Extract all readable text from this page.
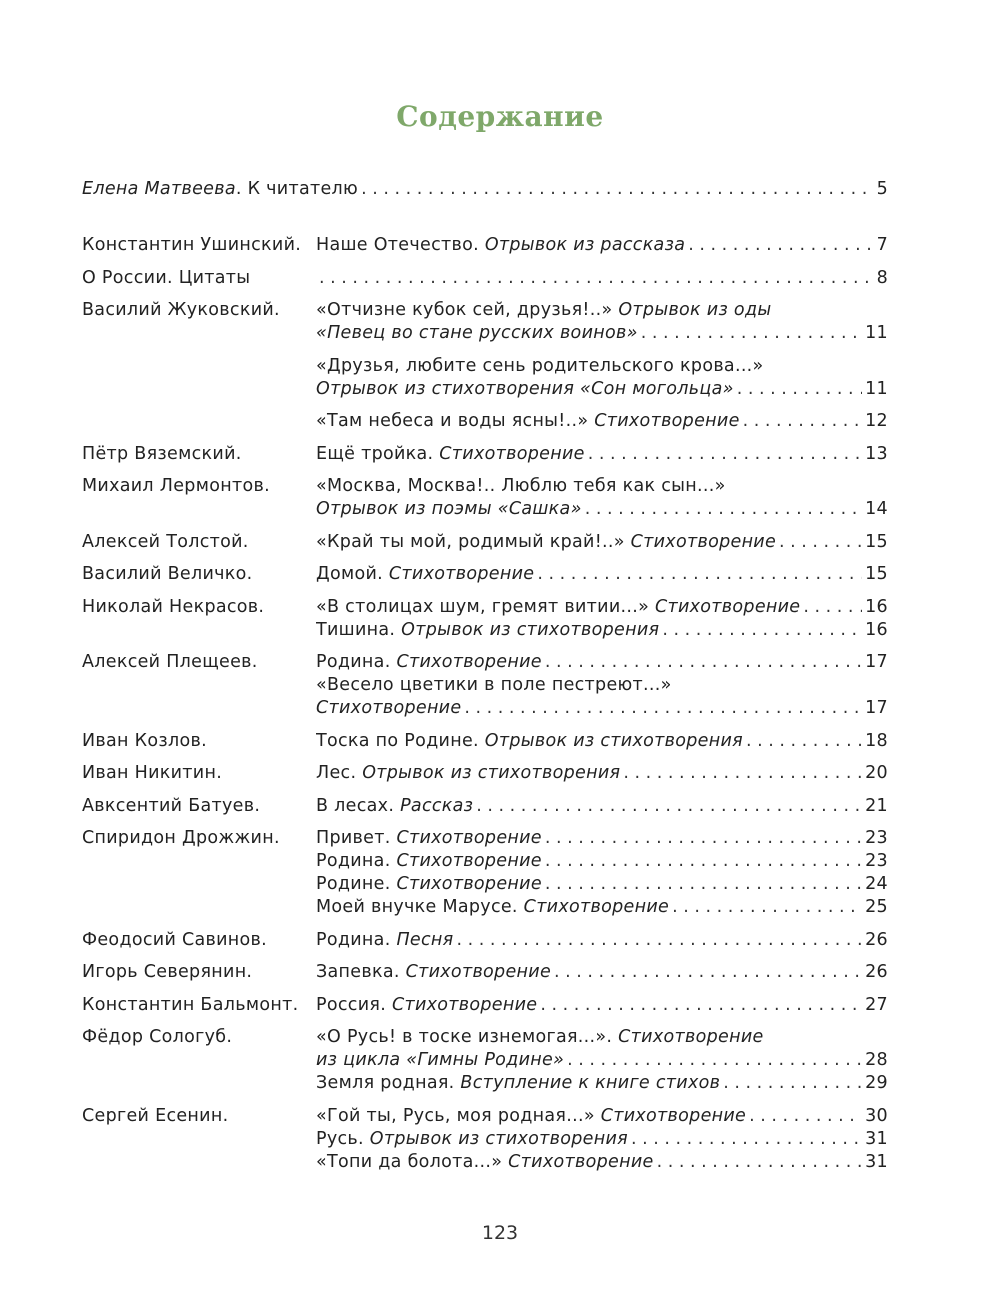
Содержание
Елена Матвеева. К читателю . . .	5
Константин Ушинский. Наше Отечество. Отрывок из рассказа . . .	7
О России. Цитаты . . .	8
Василий Жуковский.	«Отчизне кубок сей, друзья!..» Отрывок из оды
«Певец во стане русских воинов» . . .	11
«Друзья, любите сень родительского крова...»
Отрывок из стихотворения «Сон могольца» . . .	11
«Там небеса и воды ясны!..» Стихотворение . . .	12
Пётр Вяземский.	Ещё тройка. Стихотворение . . .	13
Михаил Лермонтов.	«Москва, Москва!.. Люблю тебя как сын...»
Отрывок из поэмы «Сашка» . . .	14
Алексей Толстой.	«Край ты мой, родимый край!..» Стихотворение . . .	15
Василий Величко.	Домой. Стихотворение . . .	15
Николай Некрасов.	«В столицах шум, гремят витии...» Стихотворение . . .	16
Тишина. Отрывок из стихотворения . . .	16
Алексей Плещеев.	Родина. Стихотворение . . .	17
«Весело цветики в поле пестреют...»
Стихотворение . . .	17
Иван Козлов.	Тоска по Родине. Отрывок из стихотворения . . .	18
Иван Никитин.	Лес. Отрывок из стихотворения . . .	20
Авксентий Батуев.	В лесах. Рассказ . . .	21
Спиридон Дрожжин.	Привет. Стихотворение . . .	23
Родина. Стихотворение . . .	23
Родине. Стихотворение . . .	24
Моей внучке Марусе. Стихотворение . . .	25
Феодосий Савинов.	Родина. Песня . . .	26
Игорь Северянин.	Запевка. Стихотворение . . .	26
Константин Бальмонт.	Россия. Стихотворение . . .	27
Фёдор Сологуб.	«О Русь! в тоске изнемогая...». Стихотворение
из цикла «Гимны Родине» . . .	28
Земля родная. Вступление к книге стихов . . .	29
Сергей Есенин.	«Гой ты, Русь, моя родная...» Стихотворение . . .	30
Русь. Отрывок из стихотворения . . .	31
«Топи да болота...» Стихотворение . . .	31
123
